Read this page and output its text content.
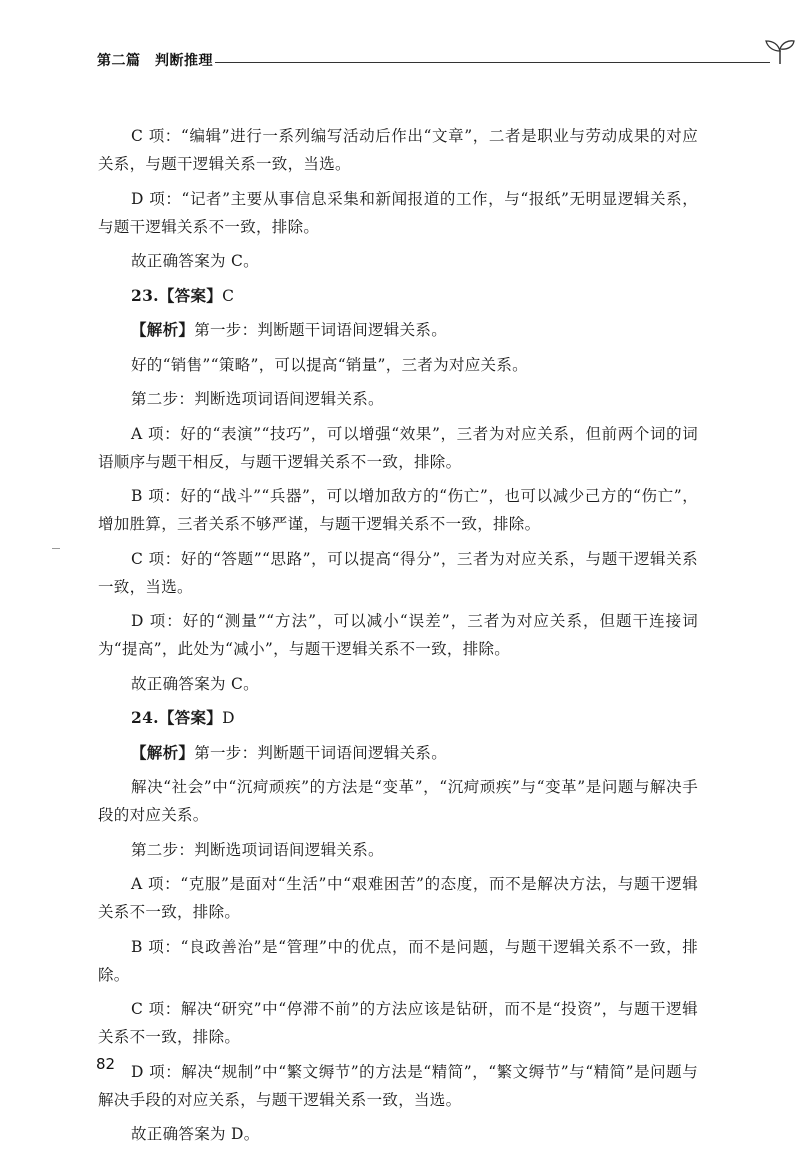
第二篇　判断推理

C 项：“编辑”进行一系列编写活动后作出“文章”，二者是职业与劳动成果的对应关系，与题干逻辑关系一致，当选。

D 项：“记者”主要从事信息采集和新闻报道的工作，与“报纸”无明显逻辑关系，与题干逻辑关系不一致，排除。

故正确答案为 C。

23.【答案】C

【解析】第一步：判断题干词语间逻辑关系。

好的“销售”“策略”，可以提高“销量”，三者为对应关系。

第二步：判断选项词语间逻辑关系。

A 项：好的“表演”“技巧”，可以增强“效果”，三者为对应关系，但前两个词的词语顺序与题干相反，与题干逻辑关系不一致，排除。

B 项：好的“战斗”“兵器”，可以增加敌方的“伤亡”，也可以减少己方的“伤亡”，增加胜算，三者关系不够严谨，与题干逻辑关系不一致，排除。

C 项：好的“答题”“思路”，可以提高“得分”，三者为对应关系，与题干逻辑关系一致，当选。

D 项：好的“测量”“方法”，可以减小“误差”，三者为对应关系，但题干连接词为“提高”，此处为“减小”，与题干逻辑关系不一致，排除。

故正确答案为 C。

24.【答案】D

【解析】第一步：判断题干词语间逻辑关系。

解决“社会”中“沉疴顽疾”的方法是“变革”，“沉疴顽疾”与“变革”是问题与解决手段的对应关系。

第二步：判断选项词语间逻辑关系。

A 项：“克服”是面对“生活”中“艰难困苦”的态度，而不是解决方法，与题干逻辑关系不一致，排除。

B 项：“良政善治”是“管理”中的优点，而不是问题，与题干逻辑关系不一致，排除。

C 项：解决“研究”中“停滞不前”的方法应该是钻研，而不是“投资”，与题干逻辑关系不一致，排除。

D 项：解决“规制”中“繁文缛节”的方法是“精简”，“繁文缛节”与“精简”是问题与解决手段的对应关系，与题干逻辑关系一致，当选。

故正确答案为 D。

82
